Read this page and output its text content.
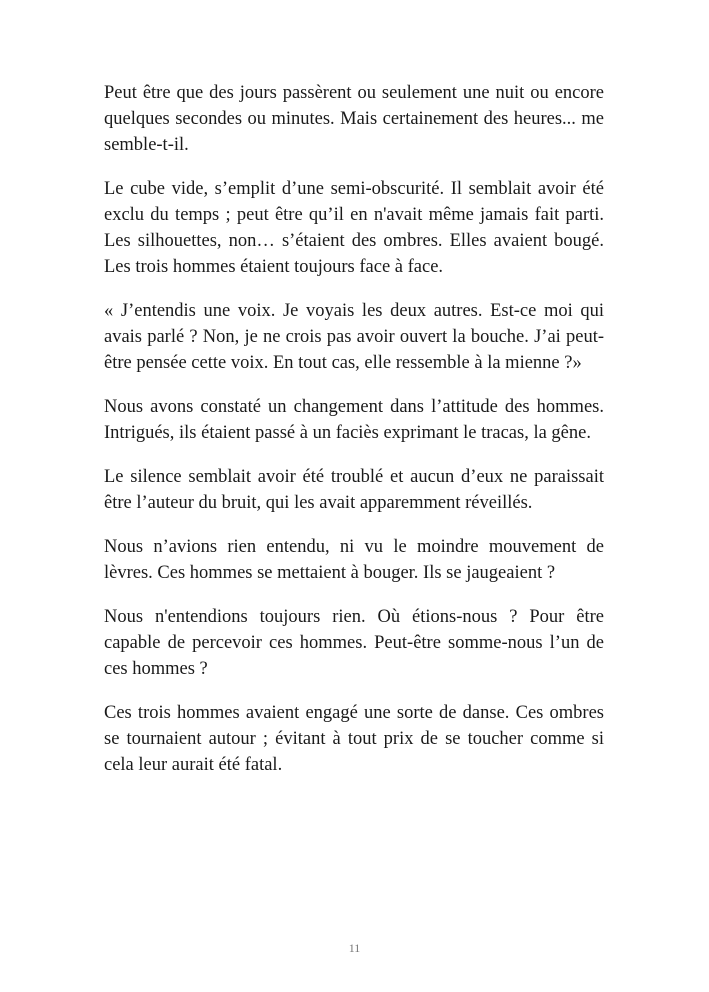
Peut être que des jours passèrent ou seulement une nuit ou encore quelques secondes ou minutes. Mais certainement des heures... me semble-t-il.

Le cube vide, s’emplit d’une semi-obscurité. Il semblait avoir été exclu du temps ; peut être qu’il en n'avait même jamais fait parti. Les silhouettes, non… s’étaient des ombres. Elles avaient bougé. Les trois hommes étaient toujours face à face.

« J’entendis une voix. Je voyais les deux autres. Est-ce moi qui avais parlé ? Non, je ne crois pas avoir ouvert la bouche. J’ai peut-être pensée cette voix. En tout cas, elle ressemble à la mienne ?»

Nous avons constaté un changement dans l’attitude des hommes. Intrigués, ils étaient passé à un faciès exprimant le tracas, la gêne.

Le silence semblait avoir été troublé et aucun d’eux ne paraissait être l’auteur du bruit, qui les avait apparemment réveillés.

Nous n’avions rien entendu, ni vu le moindre mouvement de lèvres. Ces hommes se mettaient à bouger. Ils se jaugeaient ?

Nous n'entendions toujours rien. Où étions-nous ? Pour être capable de percevoir ces hommes. Peut-être somme-nous l’un de ces hommes ?

Ces trois hommes avaient engagé une sorte de danse. Ces ombres se tournaient autour ; évitant à tout prix de se toucher comme si cela leur aurait été fatal.

11
